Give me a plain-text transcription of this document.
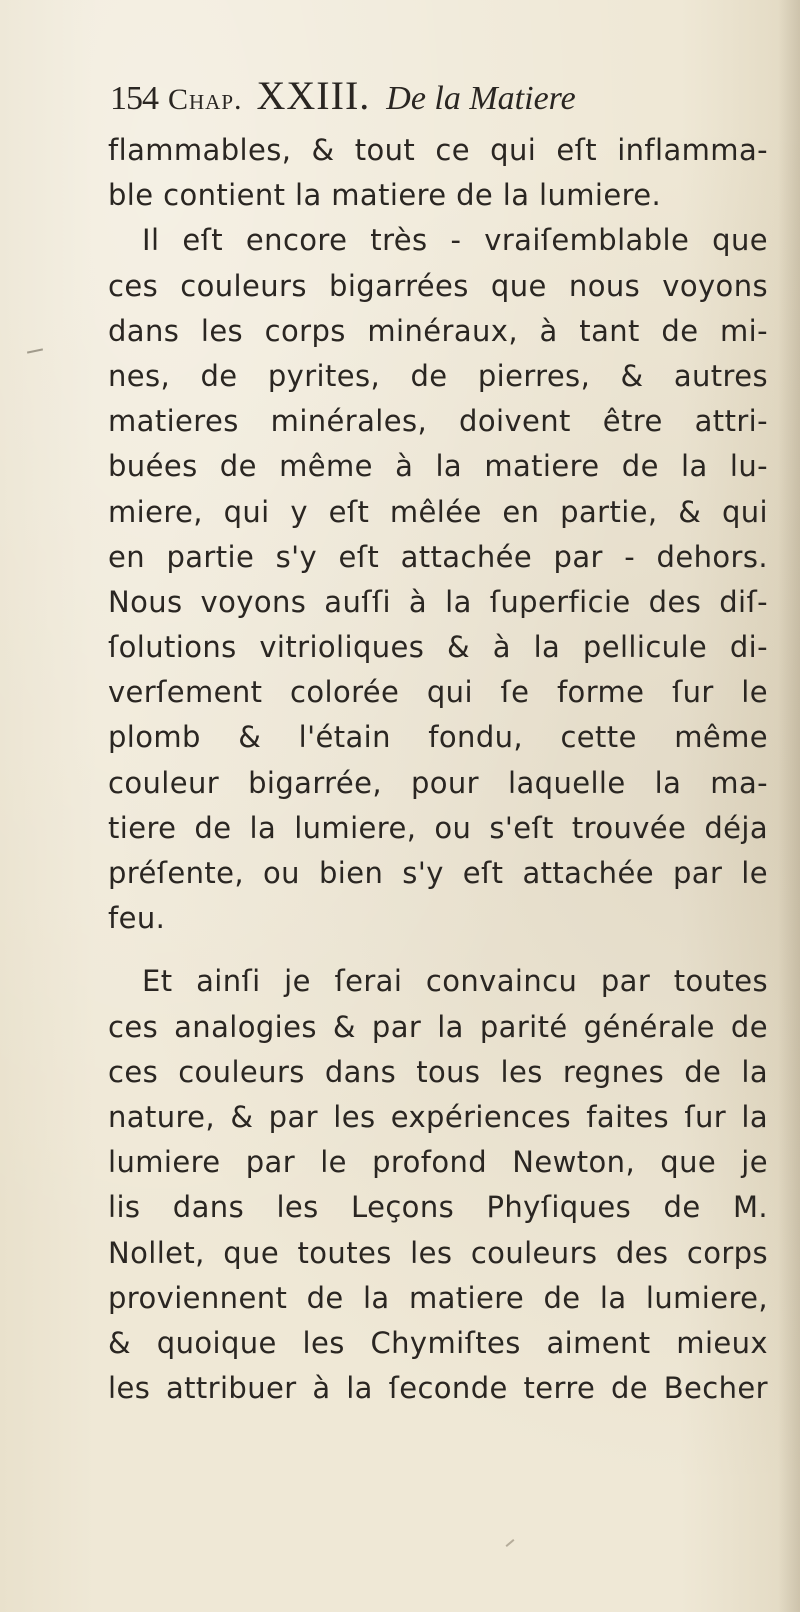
154 Chap. XXIII. De la Matiere
flammables, & tout ce qui eſt inflamma-
ble contient la matiere de la lumiere.
Il eſt encore très - vraiſemblable que
ces couleurs bigarrées que nous voyons
dans les corps minéraux, à tant de mi-
nes, de pyrites, de pierres, & autres
matieres minérales, doivent être attri-
buées de même à la matiere de la lu-
miere, qui y eſt mêlée en partie, & qui
en partie s'y eſt attachée par - dehors.
Nous voyons auſſi à la ſuperficie des diſ-
ſolutions vitrioliques & à la pellicule di-
verſement colorée qui ſe forme ſur le
plomb & l'étain fondu, cette même
couleur bigarrée, pour laquelle la ma-
tiere de la lumiere, ou s'eſt trouvée déja
préſente, ou bien s'y eſt attachée par le
feu.
Et ainſi je ſerai convaincu par toutes
ces analogies & par la parité générale de
ces couleurs dans tous les regnes de la
nature, & par les expériences faites ſur la
lumiere par le profond Newton, que je
lis dans les Leçons Phyſiques de M.
Nollet, que toutes les couleurs des corps
proviennent de la matiere de la lumiere,
& quoique les Chymiſtes aiment mieux
les attribuer à la ſeconde terre de Becher
